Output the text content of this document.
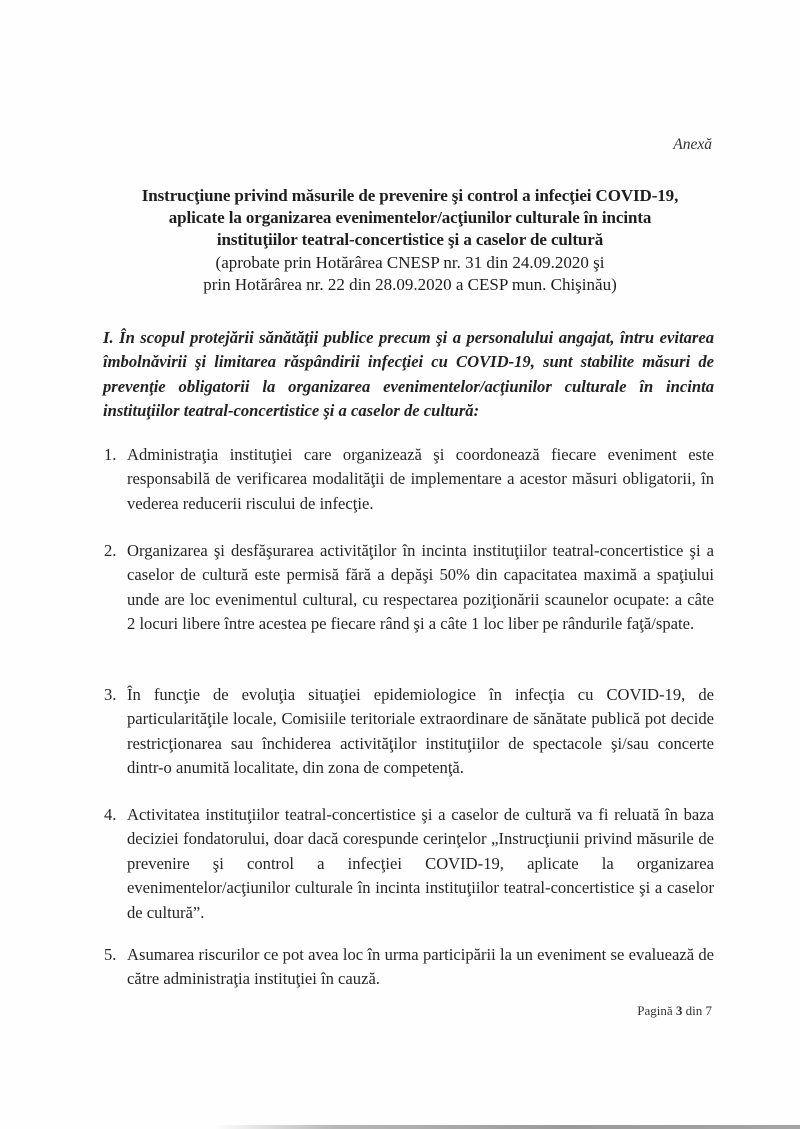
Anexă
Instrucţiune privind măsurile de prevenire şi control a infecţiei COVID-19,
aplicate la organizarea evenimentelor/acţiunilor culturale în incinta
instituţiilor teatral-concertistice şi a caselor de cultură
(aprobate prin Hotărârea CNESP nr. 31 din 24.09.2020 şi
prin Hotărârea nr. 22 din 28.09.2020 a CESP mun. Chişinău)
I. În scopul protejării sănătăţii publice precum şi a personalului angajat, întru evitarea îmbolnăvirii şi limitarea răspândirii infecţiei cu COVID-19, sunt stabilite măsuri de prevenţie obligatorii la organizarea evenimentelor/acţiunilor culturale în incinta instituţiilor teatral-concertistice şi a caselor de cultură:
1. Administraţia instituţiei care organizează şi coordonează fiecare eveniment este responsabilă de verificarea modalităţii de implementare a acestor măsuri obligatorii, în vederea reducerii riscului de infecţie.
2. Organizarea şi desfăşurarea activităţilor în incinta instituţiilor teatral-concertistice şi a caselor de cultură este permisă fără a depăşi 50% din capacitatea maximă a spaţiului unde are loc evenimentul cultural, cu respectarea poziţionării scaunelor ocupate: a câte 2 locuri libere între acestea pe fiecare rând şi a câte 1 loc liber pe rândurile faţă/spate.
3. În funcţie de evoluţia situaţiei epidemiologice în infecţia cu COVID-19, de particularităţile locale, Comisiile teritoriale extraordinare de sănătate publică pot decide restricţionarea sau închiderea activităţilor instituţiilor de spectacole şi/sau concerte dintr-o anumită localitate, din zona de competenţă.
4. Activitatea instituţiilor teatral-concertistice şi a caselor de cultură va fi reluată în baza deciziei fondatorului, doar dacă corespunde cerinţelor „Instrucţiunii privind măsurile de prevenire şi control a infecţiei COVID-19, aplicate la organizarea evenimentelor/acţiunilor culturale în incinta instituţiilor teatral-concertistice şi a caselor de cultură”.
5. Asumarea riscurilor ce pot avea loc în urma participării la un eveniment se evaluează de către administraţia instituţiei în cauză.
Pagină 3 din 7
